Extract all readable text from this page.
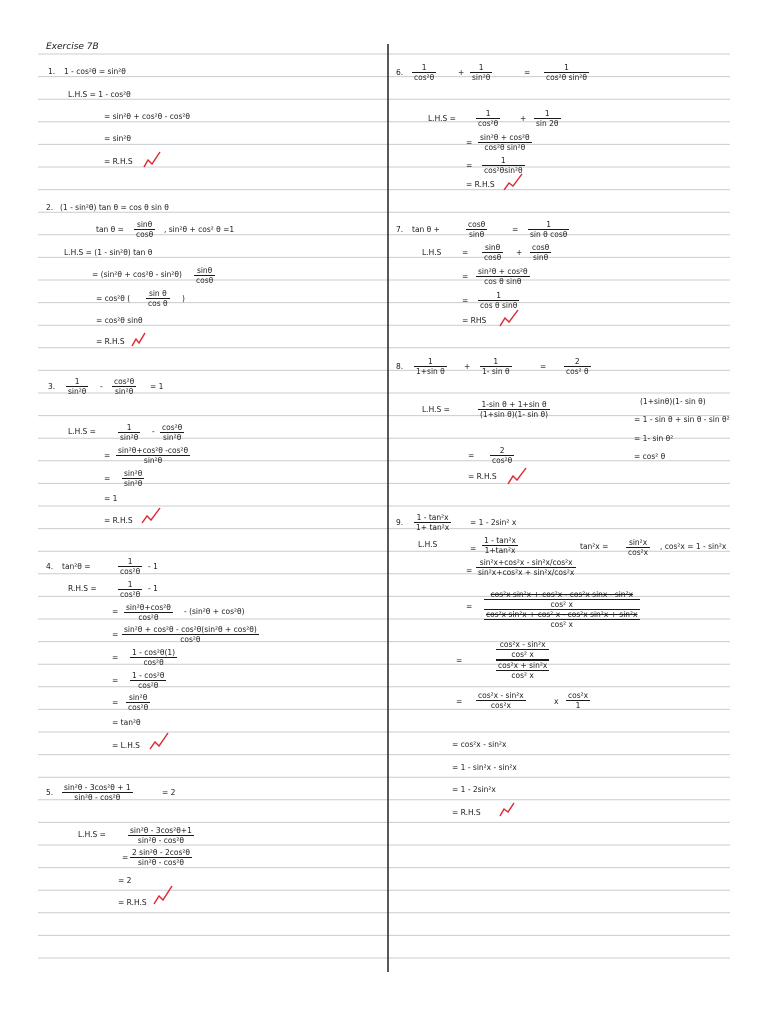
Exercise 7B
1. 1 - cos²θ = sin²θ
L.H.S = 1 - cos²θ
= sin²θ + cos²θ - cos²θ
= sin²θ
= R.H.S
2. (1 - sin²θ) tan θ = cos θ sin θ
$\tan \theta = \frac{\sin\theta}{\cos\theta}$ , sin²θ + cos² θ =1
L.H.S = (1 - sin²θ) tan θ
= $(\sin^2\theta + \cos^2\theta - \sin^2\theta) \frac{\sin\theta}{\cos\theta}$
= cos²θ ( $\frac{\text{sin θ}}{\text{cos θ}}$ )
= cos²θ sinθ
= R.H.S
3. $\frac{1}{\text{sin²θ}} - \frac{\text{cos²θ}}{\text{sin²θ}} = 1$
L.H.S =	$\frac{1}{\text{sin²θ}} - \frac{\text{cos²θ}}{\text{sin²θ}}$
= $\frac{\text{sin²θ+cos²θ -cos²θ}}{\text{sin²θ}}$
= $\frac{\text{sin²θ}}{\text{sin²θ}}$
= 1
= R.H.S
4. tan²θ =	$\frac{1}{\text{cos²θ}} - 1$
R.H.S =	$\frac{1}{\text{cos²θ}} - 1$
= $\frac{\text{sin²θ+cos²θ}}{\text{cos²θ}} - (\sin^2\theta + \cos^2\theta)$
= $\frac{\text{sin²θ + cos²θ - cos²θ(sin²θ + cos²θ)}}{\text{cos²θ}}$
= $\frac{\text{1 - cos²θ(1)}}{\text{cos²θ}}$
= $\frac{\text{1 - cos²θ}}{\text{cos²θ}}$
= $\frac{\text{sin²θ}}{\text{cos²θ}}$
= tan²θ
= L.H.S
5. $\frac{\text{sin²θ - 3cos²θ + 1}}{\text{sin²θ - cos²θ}}$	= 2
L.H.S =	$\frac{\text{sin²θ - 3cos²θ+1}}{\text{sin²θ - cos²θ}}$
= $\frac{\text{2 sin²θ - 2cos²θ}}{\text{sin²θ - cos²θ}}$
= 2
= R.H.S
6. $\frac{1}{\text{cos²θ}}$	+ $\frac{1}{\text{sin²θ}}$	= $\frac{1}{\text{cos²θ sin²θ}}$
L.H.S =	$\frac{1}{\text{cos²θ}}$	+ $\frac{1}{\sin 2\theta}$
= $\frac{\text{sin²θ + cos²θ}}{\text{cos²θ sin²θ}}$
= $\frac{1}{\text{cos²θsin²θ}}$
= R.H.S
7. tan θ +	$\frac{\cos\theta}{\sin\theta}$	= $\frac{1}{\text{sin θ cosθ}}$
L.H.S	= $\frac{\sin\theta}{\cos\theta} + \frac{\cos\theta}{\sin\theta}$
= $\frac{\text{sin²θ + cos²θ}}{\text{cos θ sinθ}}$
= $\frac{1}{\text{cos θ sinθ}}$
= RHS
8. $\frac{1}{\text{1+sin θ}} + \frac{1}{\text{1- sin θ}}$	= $\frac{2}{\text{cos² θ}}$
L.H.S =	$\frac{\text{1-sin θ + 1+sin θ}}{\text{(1+sin θ)(1- sin θ)}}$
= $\frac{2}{\text{cos²θ}}$
= R.H.S
(1+sinθ)(1- sin θ)
= 1 - sin θ + sin θ - sin θ²
= 1- sin θ²
= cos² θ
9. $\frac{\text{1 - tan²x}}{\text{1+ tan²x}}$	= 1 - 2sin² x
L.H.S	= $\frac{\text{1 - tan²x}}{\text{1+tan²x}}$	$\tan^2x = \frac{\text{sin²x}}{\text{cos²x}}$ , cos²x = 1 - sin²x
= $\frac{\text{sin²x+cos²x - sin²x/cos²x}}{\text{sin²x+cos²x + sin²x/cos²x}}$
=
cos²x sin²x + cos²x - cos²x sinx - sin²x
cos² x
cos²x sin²x + cos² x - cos²x sin²x + sin²x
cos² x
=
cos²x - sin²x
cos² x
cos²x + sin²x
cos² x
= $\frac{\text{cos²x - sin²x}}{\text{cos²x}}$	x $\frac{\text{cos²x}}{1}$
= cos²x - sin²x
= 1 - sin²x - sin²x
= 1 - 2sin²x
= R.H.S
